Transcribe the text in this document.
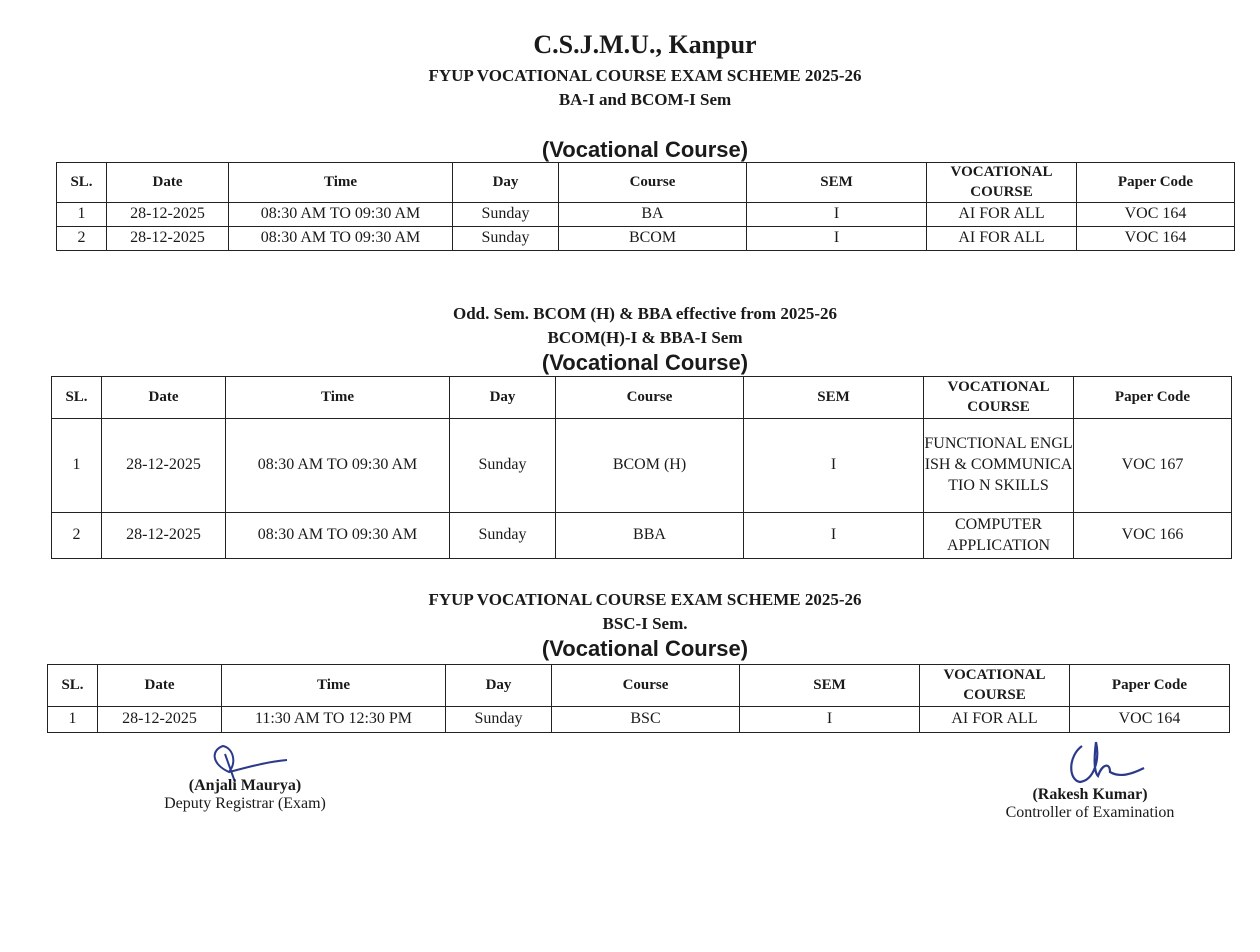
C.S.J.M.U., Kanpur
FYUP VOCATIONAL COURSE EXAM SCHEME 2025-26
BA-I and BCOM-I Sem
(Vocational Course)
SL.	Date	Time	Day	Course	SEM	VOCATIONAL COURSE	Paper Code
1	28-12-2025	08:30 AM TO 09:30 AM	Sunday	BA	I	AI FOR ALL	VOC 164
2	28-12-2025	08:30 AM TO 09:30 AM	Sunday	BCOM	I	AI FOR ALL	VOC 164
Odd. Sem. BCOM (H) & BBA effective from 2025-26
BCOM(H)-I & BBA-I Sem
(Vocational Course)
SL.	Date	Time	Day	Course	SEM	VOCATIONAL COURSE	Paper Code
1	28-12-2025	08:30 AM TO 09:30 AM	Sunday	BCOM (H)	I	FUNCTIONAL ENGLISH & COMMUNICATIO N SKILLS	VOC 167
2	28-12-2025	08:30 AM TO 09:30 AM	Sunday	BBA	I	COMPUTER APPLICATION	VOC 166
FYUP VOCATIONAL COURSE EXAM SCHEME 2025-26
BSC-I Sem.
(Vocational Course)
SL.	Date	Time	Day	Course	SEM	VOCATIONAL COURSE	Paper Code
1	28-12-2025	11:30 AM TO 12:30 PM	Sunday	BSC	I	AI FOR ALL	VOC 164
(Anjali Maurya)
Deputy Registrar (Exam)
(Rakesh Kumar)
Controller of Examination
